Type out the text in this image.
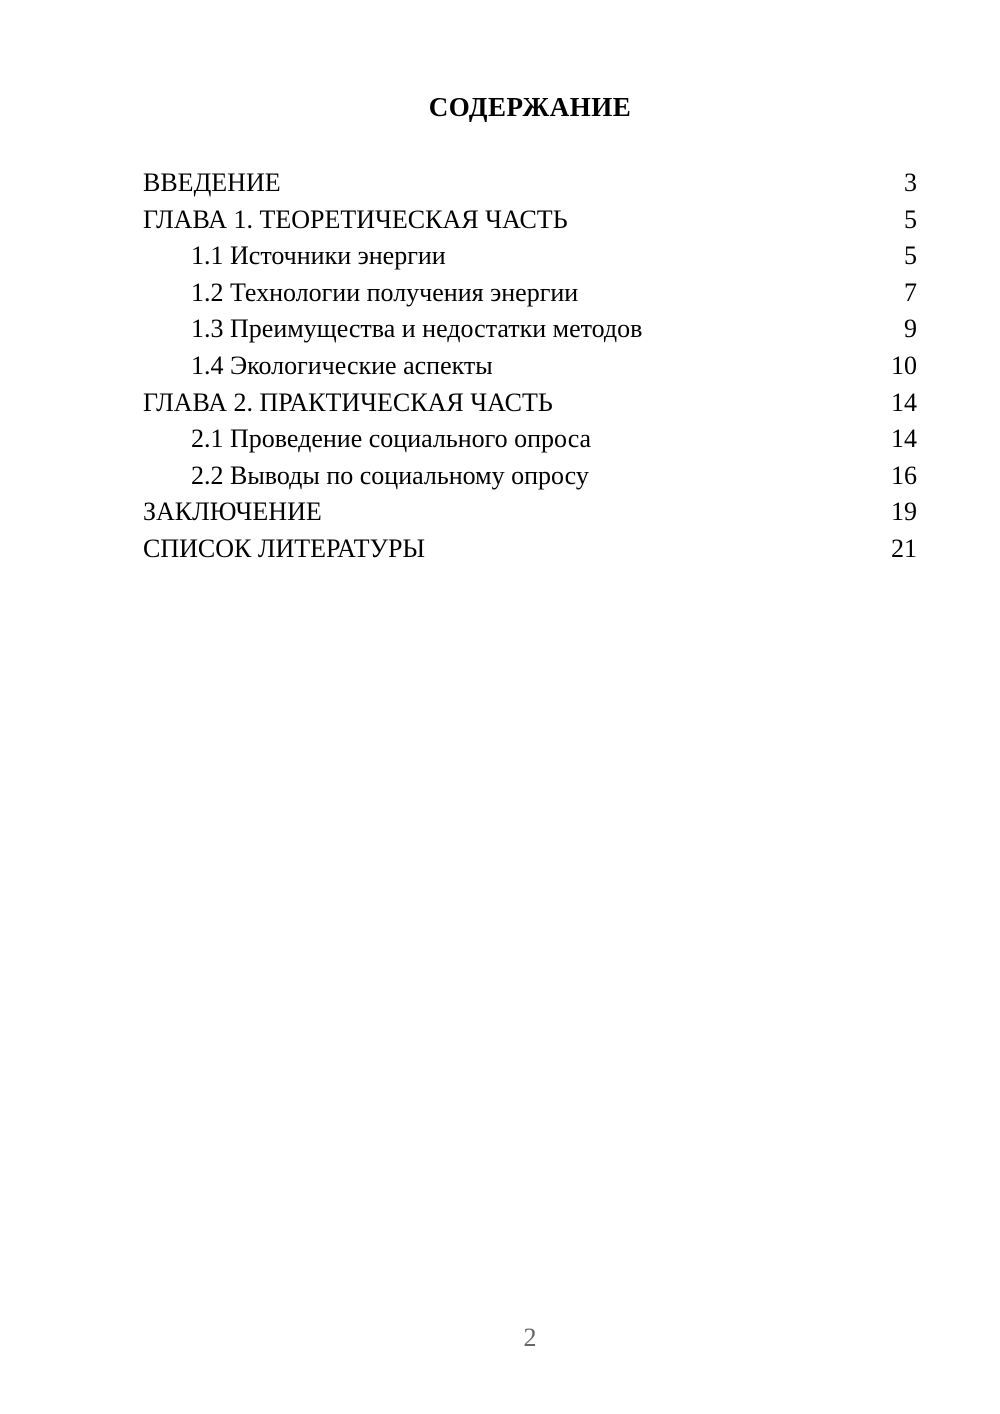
СОДЕРЖАНИЕ
ВВЕДЕНИЕ	3
ГЛАВА 1. ТЕОРЕТИЧЕСКАЯ ЧАСТЬ	5
1.1 Источники энергии	5
1.2 Технологии получения энергии	7
1.3 Преимущества и недостатки методов	9
1.4 Экологические аспекты	10
ГЛАВА 2. ПРАКТИЧЕСКАЯ ЧАСТЬ	14
2.1 Проведение социального опроса	14
2.2 Выводы по социальному опросу	16
ЗАКЛЮЧЕНИЕ	19
СПИСОК ЛИТЕРАТУРЫ	21
2
